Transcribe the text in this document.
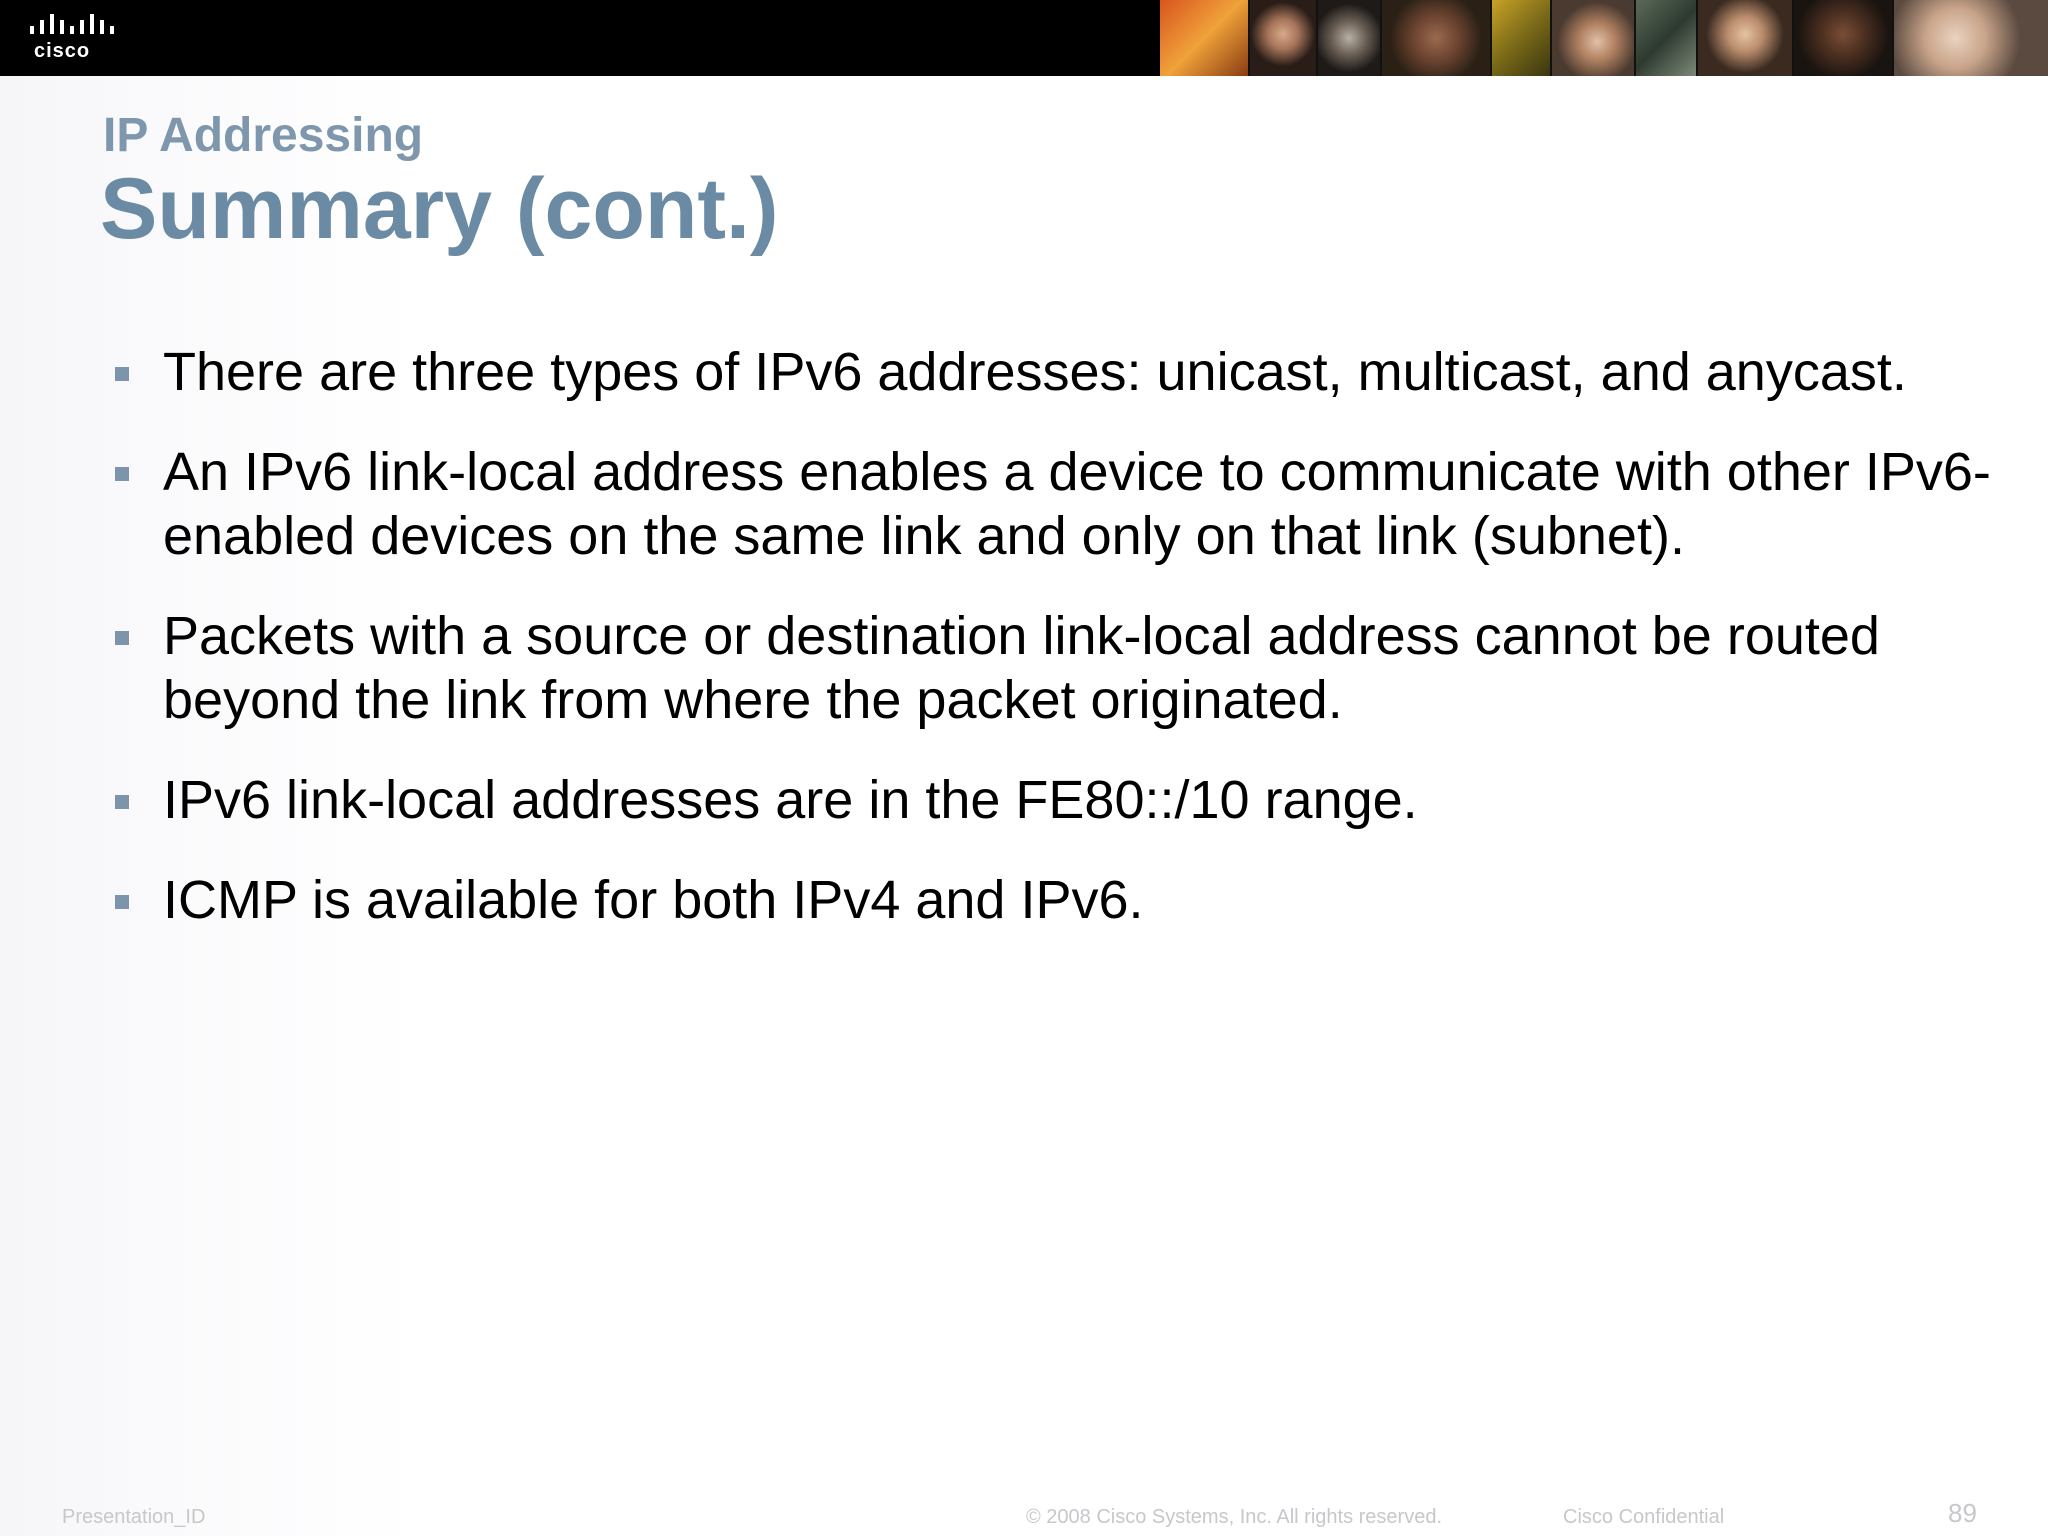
cisco
IP Addressing
Summary (cont.)
There are three types of IPv6 addresses: unicast, multicast, and anycast.
An IPv6 link-local address enables a device to communicate with other IPv6-enabled devices on the same link and only on that link (subnet).
Packets with a source or destination link-local address cannot be routed beyond the link from where the packet originated.
IPv6 link-local addresses are in the FE80::/10 range.
ICMP is available for both IPv4 and IPv6.
Presentation_ID	© 2008 Cisco Systems, Inc. All rights reserved.	Cisco Confidential	89
